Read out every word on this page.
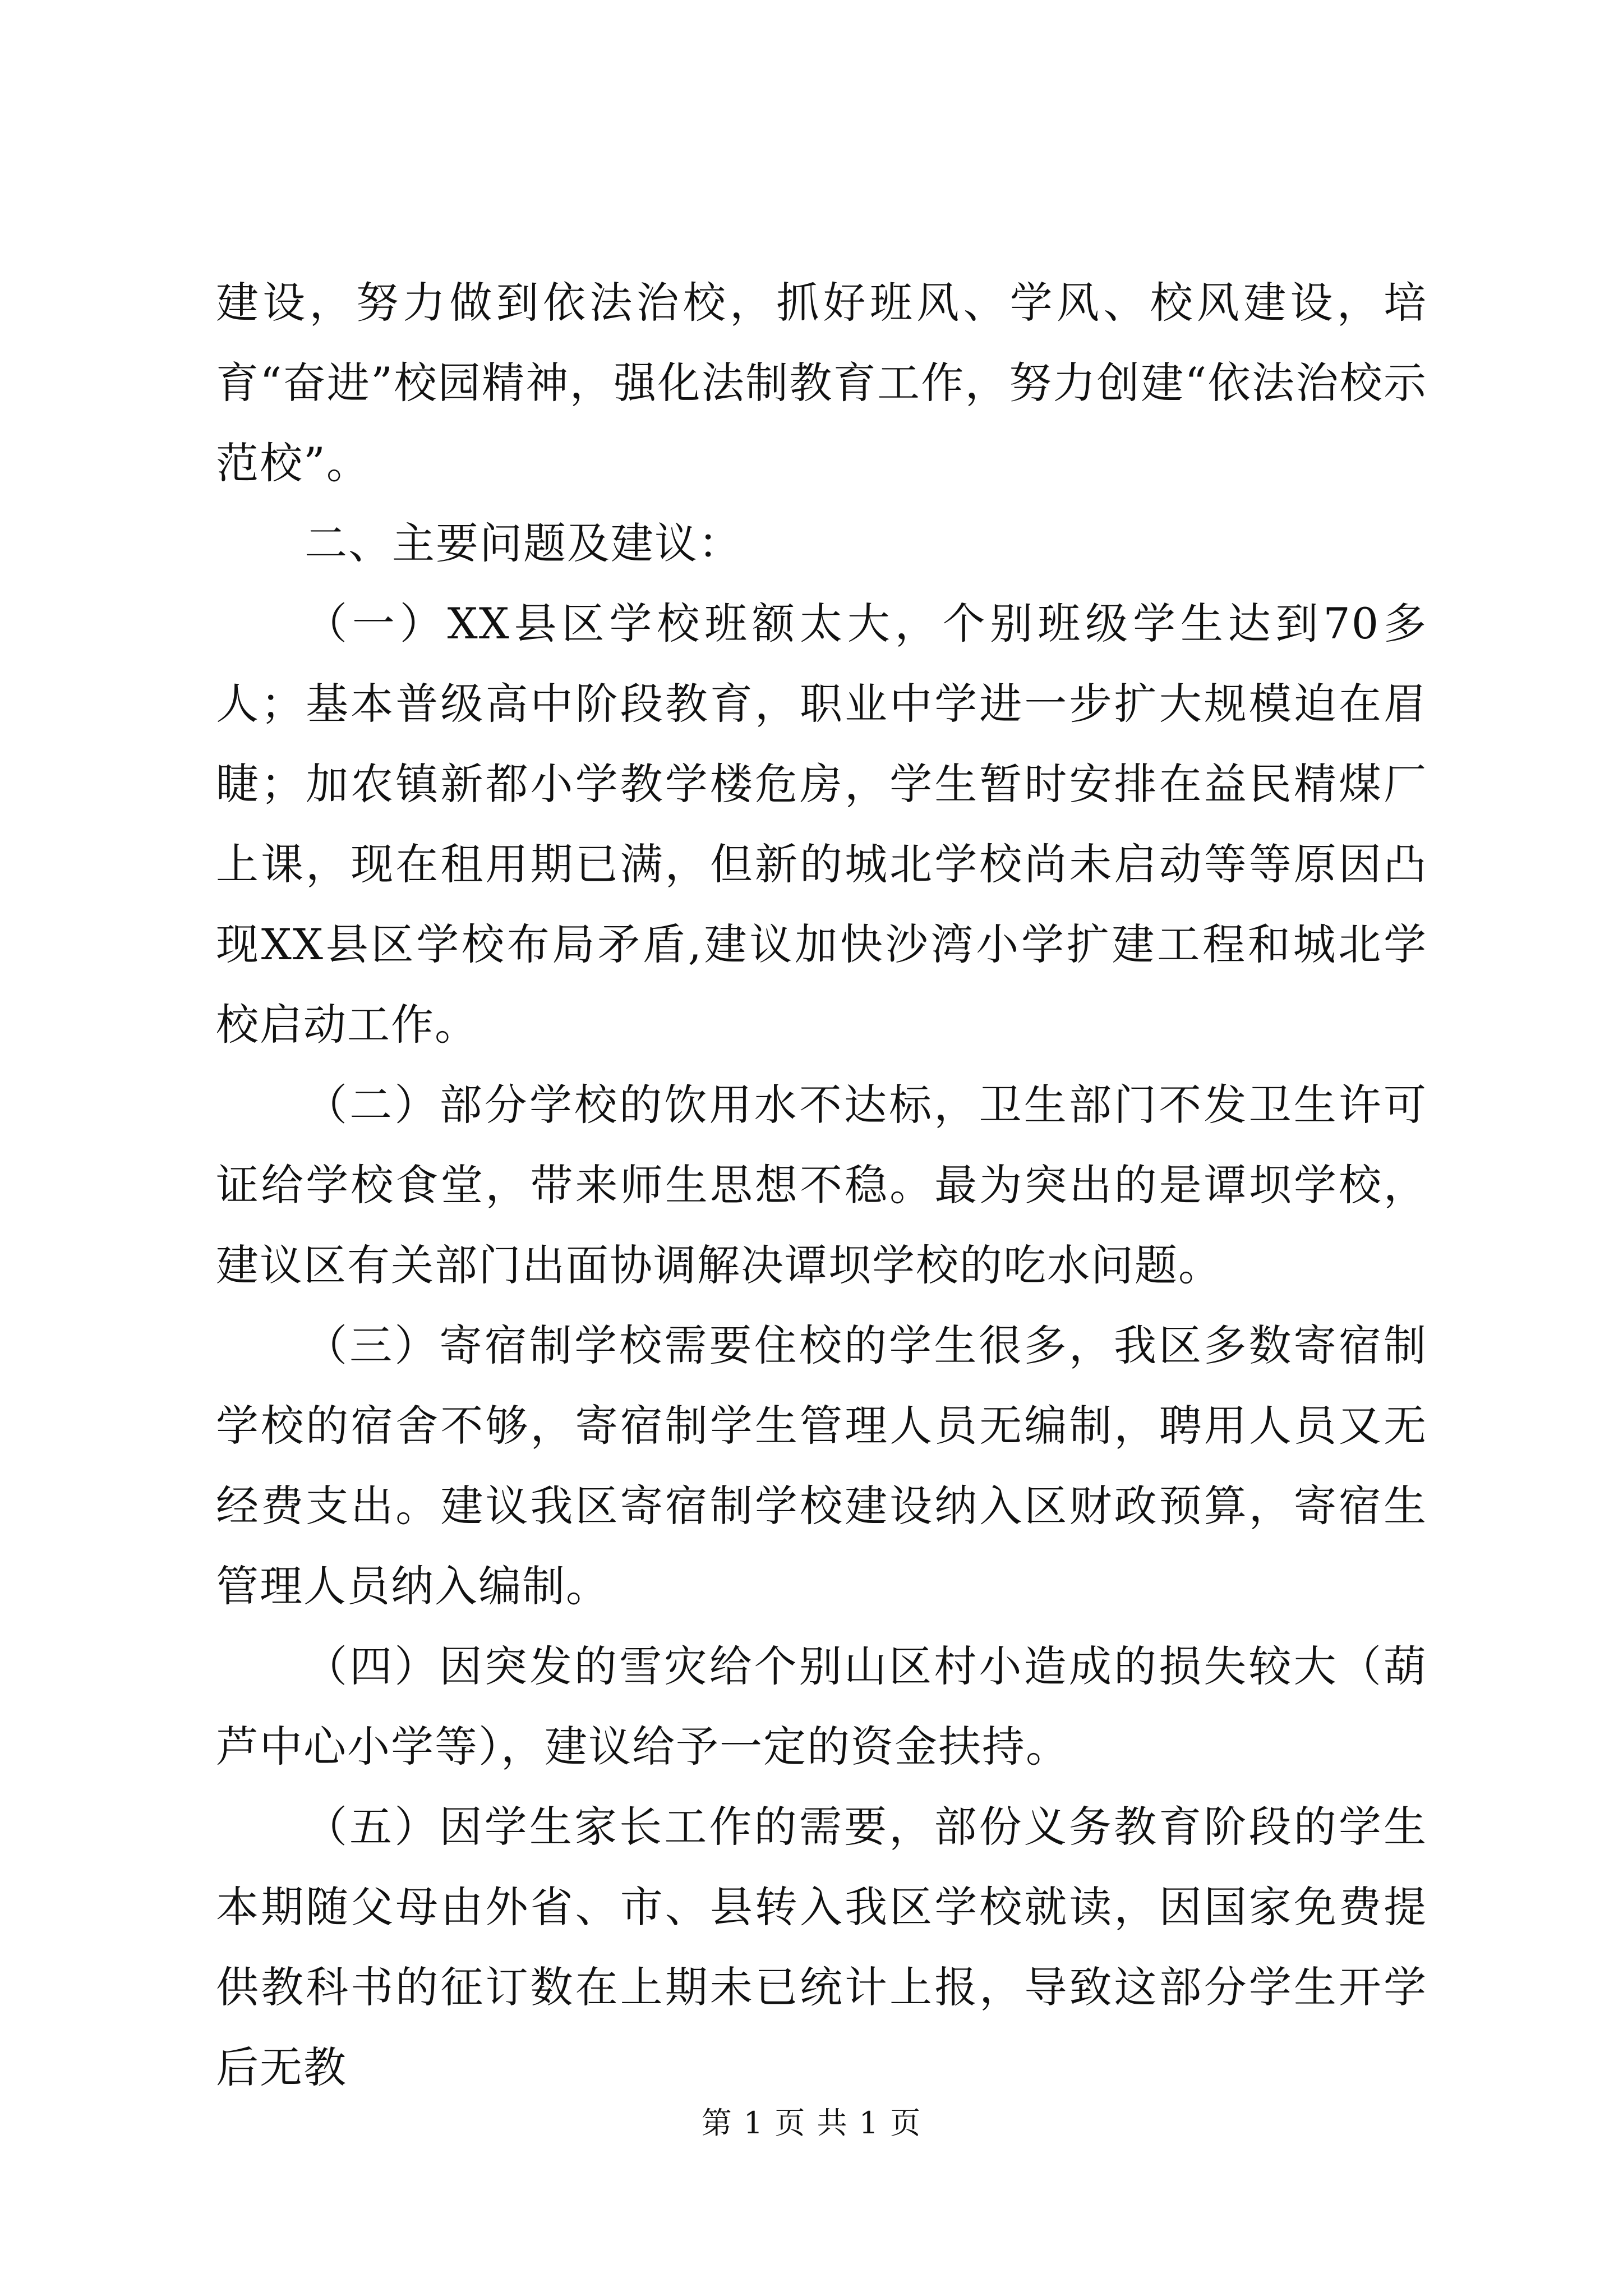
建设，努力做到依法治校，抓好班风、学风、校风建设，培育“奋进”校园精神，强化法制教育工作，努力创建“依法治校示范校”。

二、主要问题及建议：

（一）XX县区学校班额太大，个别班级学生达到70多人；基本普级高中阶段教育，职业中学进一步扩大规模迫在眉睫；加农镇新都小学教学楼危房，学生暂时安排在益民精煤厂上课，现在租用期已满，但新的城北学校尚未启动等等原因凸现XX县区学校布局矛盾,建议加快沙湾小学扩建工程和城北学校启动工作。

（二）部分学校的饮用水不达标，卫生部门不发卫生许可证给学校食堂，带来师生思想不稳。最为突出的是谭坝学校，建议区有关部门出面协调解决谭坝学校的吃水问题。

（三）寄宿制学校需要住校的学生很多，我区多数寄宿制学校的宿舍不够，寄宿制学生管理人员无编制，聘用人员又无经费支出。建议我区寄宿制学校建设纳入区财政预算，寄宿生管理人员纳入编制。

（四）因突发的雪灾给个别山区村小造成的损失较大（葫芦中心小学等），建议给予一定的资金扶持。

（五）因学生家长工作的需要，部份义务教育阶段的学生本期随父母由外省、市、县转入我区学校就读，因国家免费提供教科书的征订数在上期未已统计上报，导致这部分学生开学后无教

第 1 页 共 1 页
